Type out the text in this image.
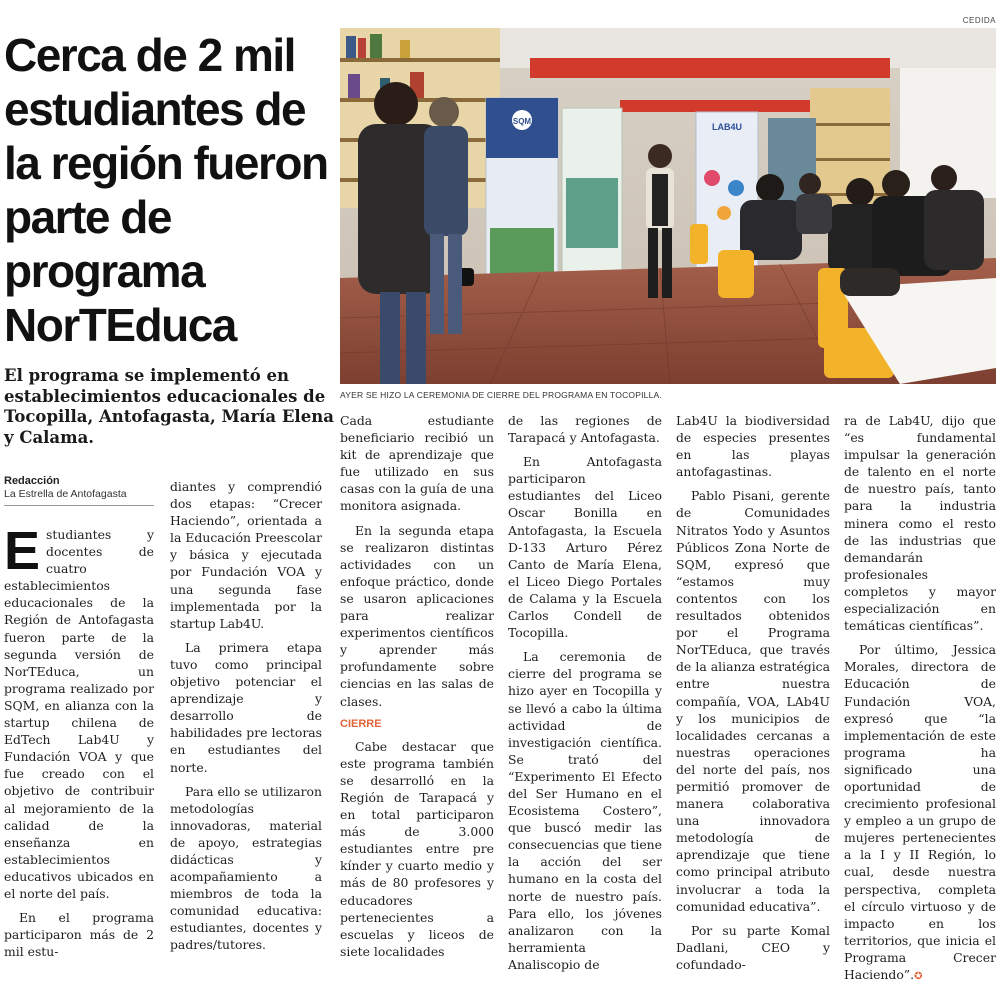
CEDIDA
Cerca de 2 mil estudiantes de la región fueron parte de programa NorTEduca
El programa se implementó en establecimientos educacionales de Tocopilla, Antofagasta, María Elena y Calama.
Redacción
La Estrella de Antofagasta
SQM
LAB4U
AYER SE HIZO LA CEREMONIA DE CIERRE DEL PROGRAMA EN TOCOPILLA.

Estudiantes y docentes de cuatro establecimientos educacionales de la Región de Antofagasta fueron parte de la segunda versión de NorTEduca, un programa realizado por SQM, en alianza con la startup chilena de EdTech Lab4U y Fundación VOA y que fue creado con el objetivo de contribuir al mejoramiento de la calidad de la enseñanza en establecimientos educativos ubicados en el norte del país.

En el programa participaron más de 2 mil estu-

diantes y comprendió dos etapas: “Crecer Haciendo”, orientada a la Educación Preescolar y básica y ejecutada por Fundación VOA y una segunda fase implementada por la startup Lab4U.

La primera etapa tuvo como principal objetivo potenciar el aprendizaje y desarrollo de habilidades pre lectoras en estudiantes del norte.

Para ello se utilizaron metodologías innovadoras, material de apoyo, estrategias didácticas y acompañamiento a miembros de toda la comunidad educativa: estudiantes, docentes y padres/tutores.

Cada estudiante beneficiario recibió un kit de aprendizaje que fue utilizado en sus casas con la guía de una monitora asignada.

En la segunda etapa se realizaron distintas actividades con un enfoque práctico, donde se usaron aplicaciones para realizar experimentos científicos y aprender más profundamente sobre ciencias en las salas de clases.

CIERRE

Cabe destacar que este programa también se desarrolló en la Región de Tarapacá y en total participaron más de 3.000 estudiantes entre pre kínder y cuarto medio y más de 80 profesores y educadores pertenecientes a escuelas y liceos de siete localidades

de las regiones de Tarapacá y Antofagasta.

En Antofagasta participaron estudiantes del Liceo Oscar Bonilla en Antofagasta, la Escuela D-133 Arturo Pérez Canto de María Elena, el Liceo Diego Portales de Calama y la Escuela Carlos Condell de Tocopilla.

La ceremonia de cierre del programa se hizo ayer en Tocopilla y se llevó a cabo la última actividad de investigación científica. Se trató del “Experimento El Efecto del Ser Humano en el Ecosistema Costero”, que buscó medir las consecuencias que tiene la acción del ser humano en la costa del norte de nuestro país. Para ello, los jóvenes analizaron con la herramienta Analiscopio de

Lab4U la biodiversidad de especies presentes en las playas antofagastinas.

Pablo Pisani, gerente de Comunidades Nitratos Yodo y Asuntos Públicos Zona Norte de SQM, expresó que “estamos muy contentos con los resultados obtenidos por el Programa NorTEduca, que través de la alianza estratégica entre nuestra compañía, VOA, LAb4U y los municipios de localidades cercanas a nuestras operaciones del norte del país, nos permitió promover de manera colaborativa una innovadora metodología de aprendizaje que tiene como principal atributo involucrar a toda la comunidad educativa”.

Por su parte Komal Dadlani, CEO y cofundado-

ra de Lab4U, dijo que “es fundamental impulsar la generación de talento en el norte de nuestro país, tanto para la industria minera como el resto de las industrias que demandarán profesionales completos y mayor especialización en temáticas científicas”.

Por último, Jessica Morales, directora de Educación de Fundación VOA, expresó que “la implementación de este programa ha significado una oportunidad de crecimiento profesional y empleo a un grupo de mujeres pertenecientes a la I y II Región, lo cual, desde nuestra perspectiva, completa el círculo virtuoso y de impacto en los territorios, que inicia el Programa Crecer Haciendo”.✪
